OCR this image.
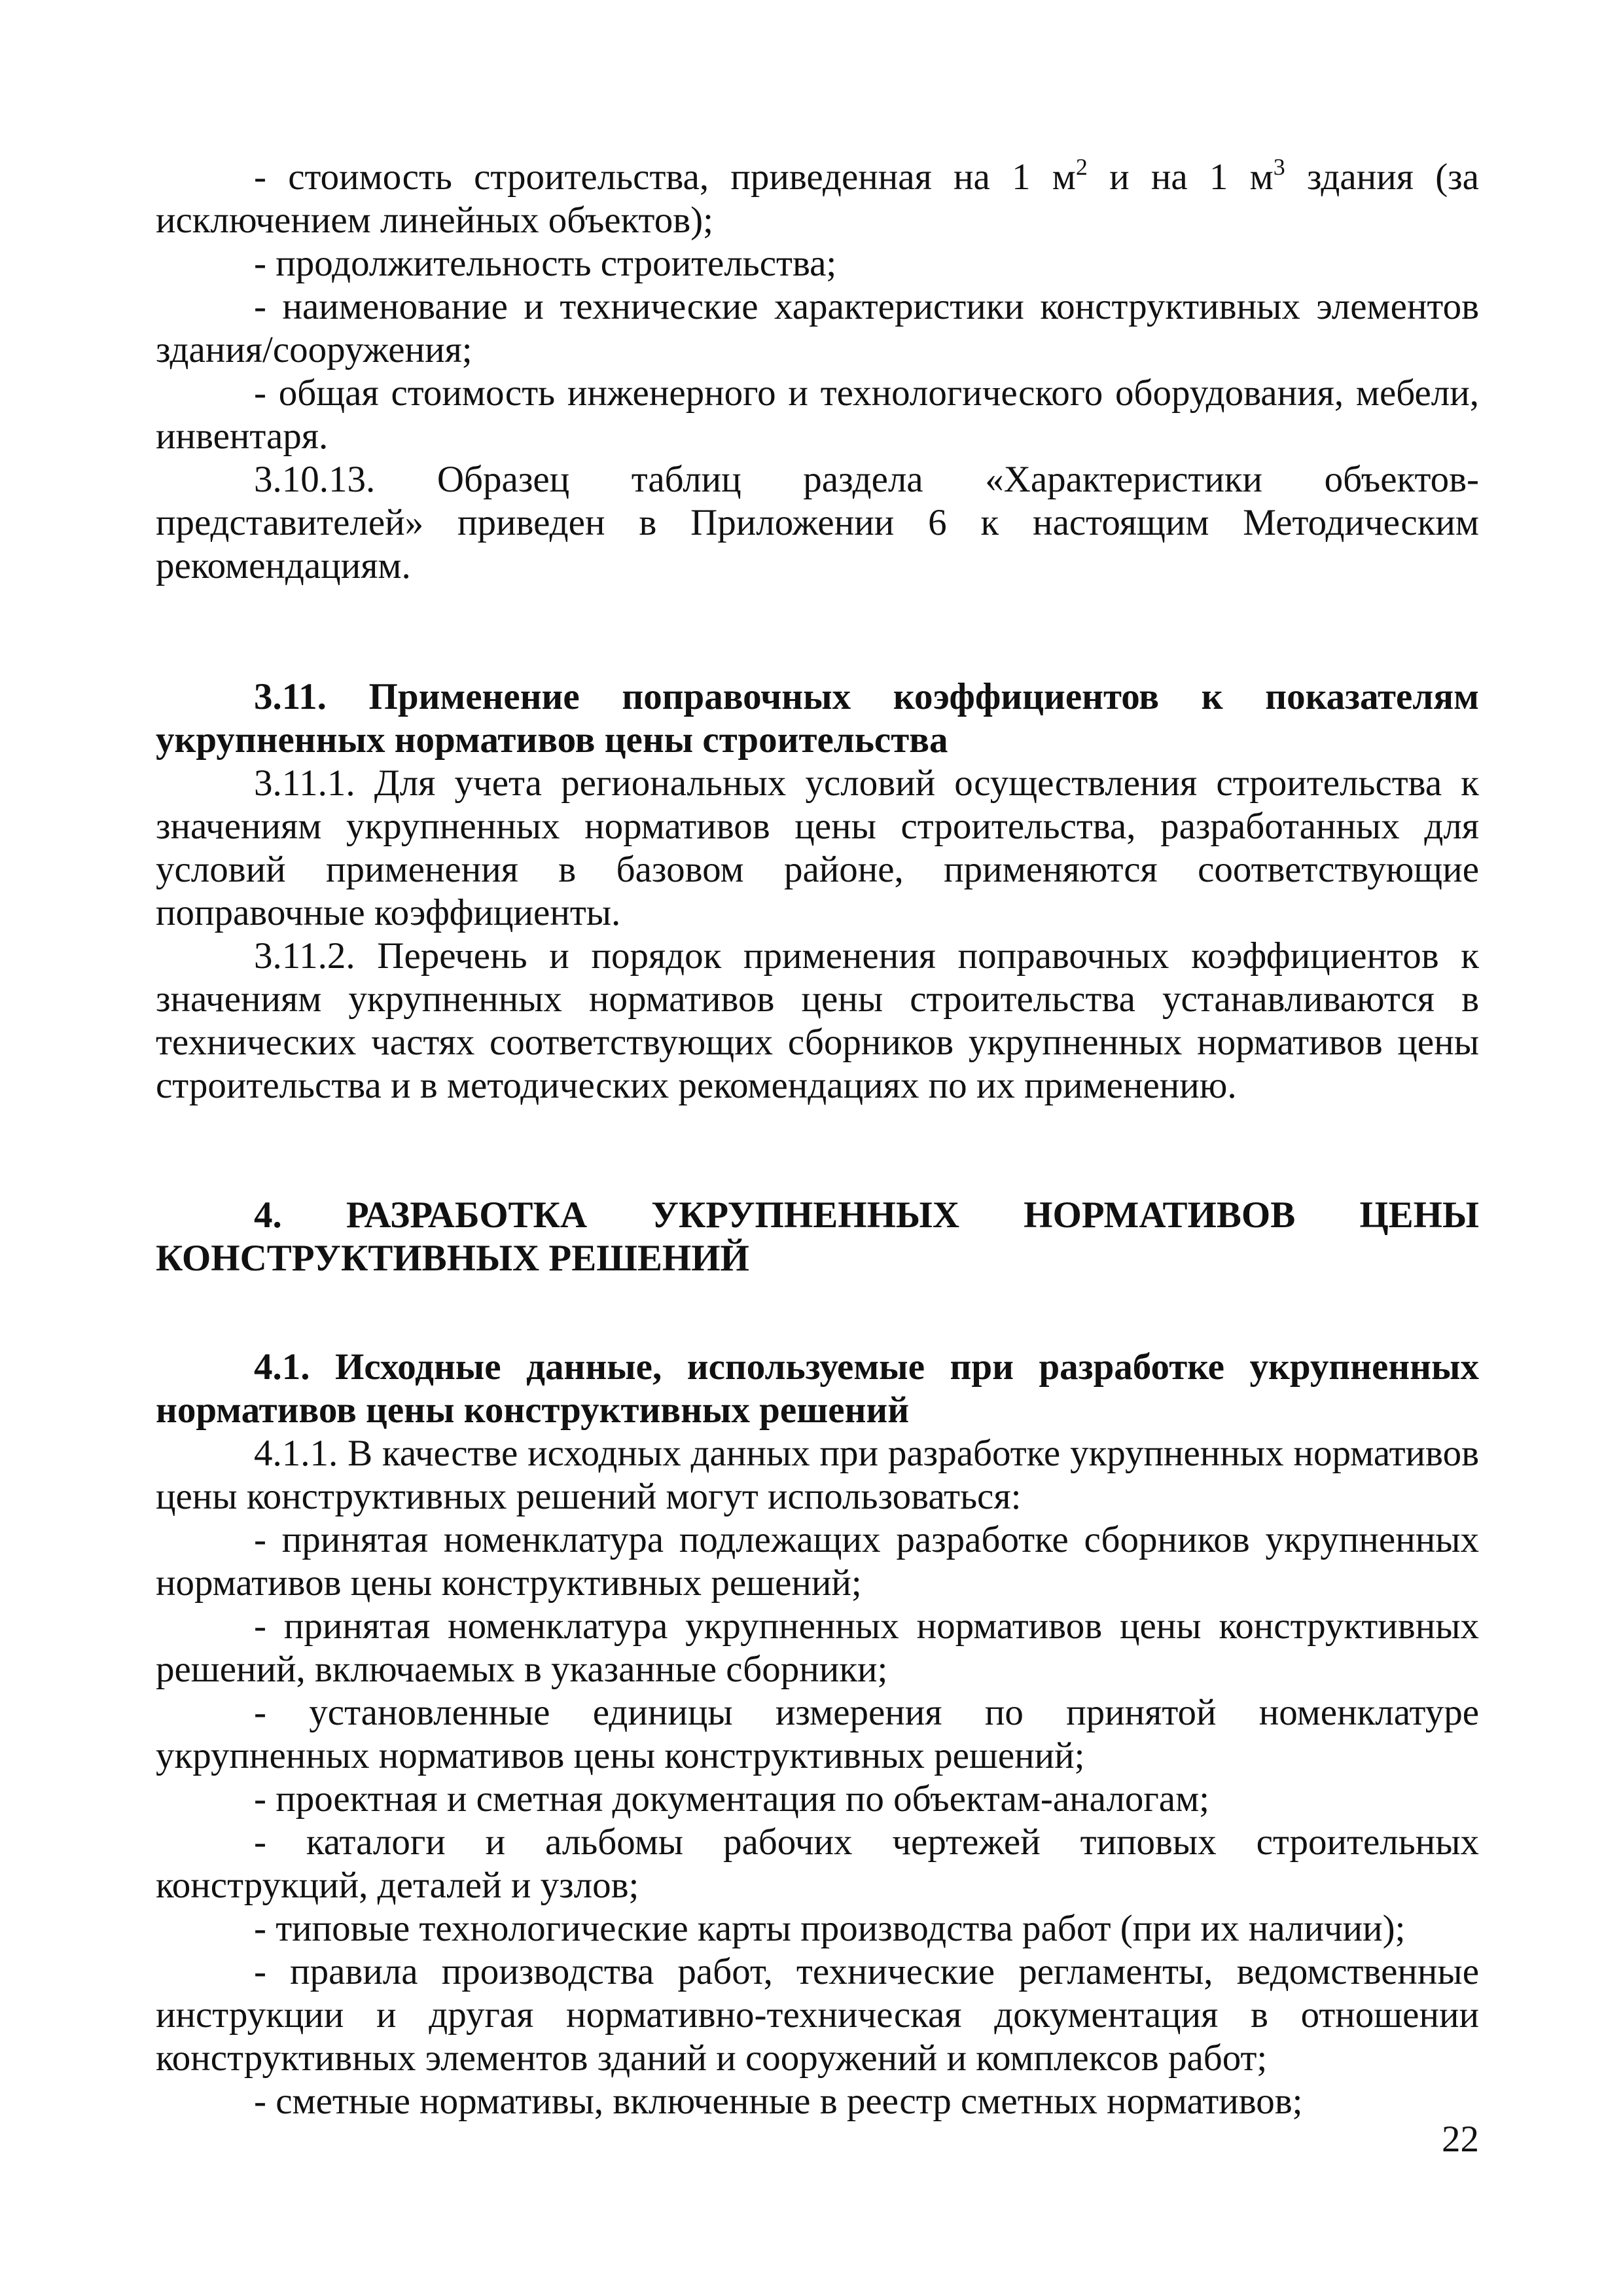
- стоимость строительства, приведенная на 1 $м^2$ и на 1 $м^3$ здания (за исключением линейных объектов);

- продолжительность строительства;

- наименование и технические характеристики конструктивных элементов здания/сооружения;

- общая стоимость инженерного и технологического оборудования, мебели, инвентаря.

3.10.13. Образец таблиц раздела «Характеристики объектов-представителей» приведен в Приложении 6 к настоящим Методическим рекомендациям.

3.11. Применение поправочных коэффициентов к показателям укрупненных нормативов цены строительства

3.11.1. Для учета региональных условий осуществления строительства к значениям укрупненных нормативов цены строительства, разработанных для условий применения в базовом районе, применяются соответствующие поправочные коэффициенты.

3.11.2. Перечень и порядок применения поправочных коэффициентов к значениям укрупненных нормативов цены строительства устанавливаются в технических частях соответствующих сборников укрупненных нормативов цены строительства и в методических рекомендациях по их применению.

4. РАЗРАБОТКА УКРУПНЕННЫХ НОРМАТИВОВ ЦЕНЫ КОНСТРУКТИВНЫХ РЕШЕНИЙ

4.1. Исходные данные, используемые при разработке укрупненных нормативов цены конструктивных решений

4.1.1. В качестве исходных данных при разработке укрупненных нормативов цены конструктивных решений могут использоваться:

- принятая номенклатура подлежащих разработке сборников укрупненных нормативов цены конструктивных решений;

- принятая номенклатура укрупненных нормативов цены конструктивных решений, включаемых в указанные сборники;

- установленные единицы измерения по принятой номенклатуре укрупненных нормативов цены конструктивных решений;

- проектная и сметная документация по объектам-аналогам;

- каталоги и альбомы рабочих чертежей типовых строительных конструкций, деталей и узлов;

- типовые технологические карты производства работ (при их наличии);

- правила производства работ, технические регламенты, ведомственные инструкции и другая нормативно-техническая документация в отношении конструктивных элементов зданий и сооружений и комплексов работ;

- сметные нормативы, включенные в реестр сметных нормативов;

22
